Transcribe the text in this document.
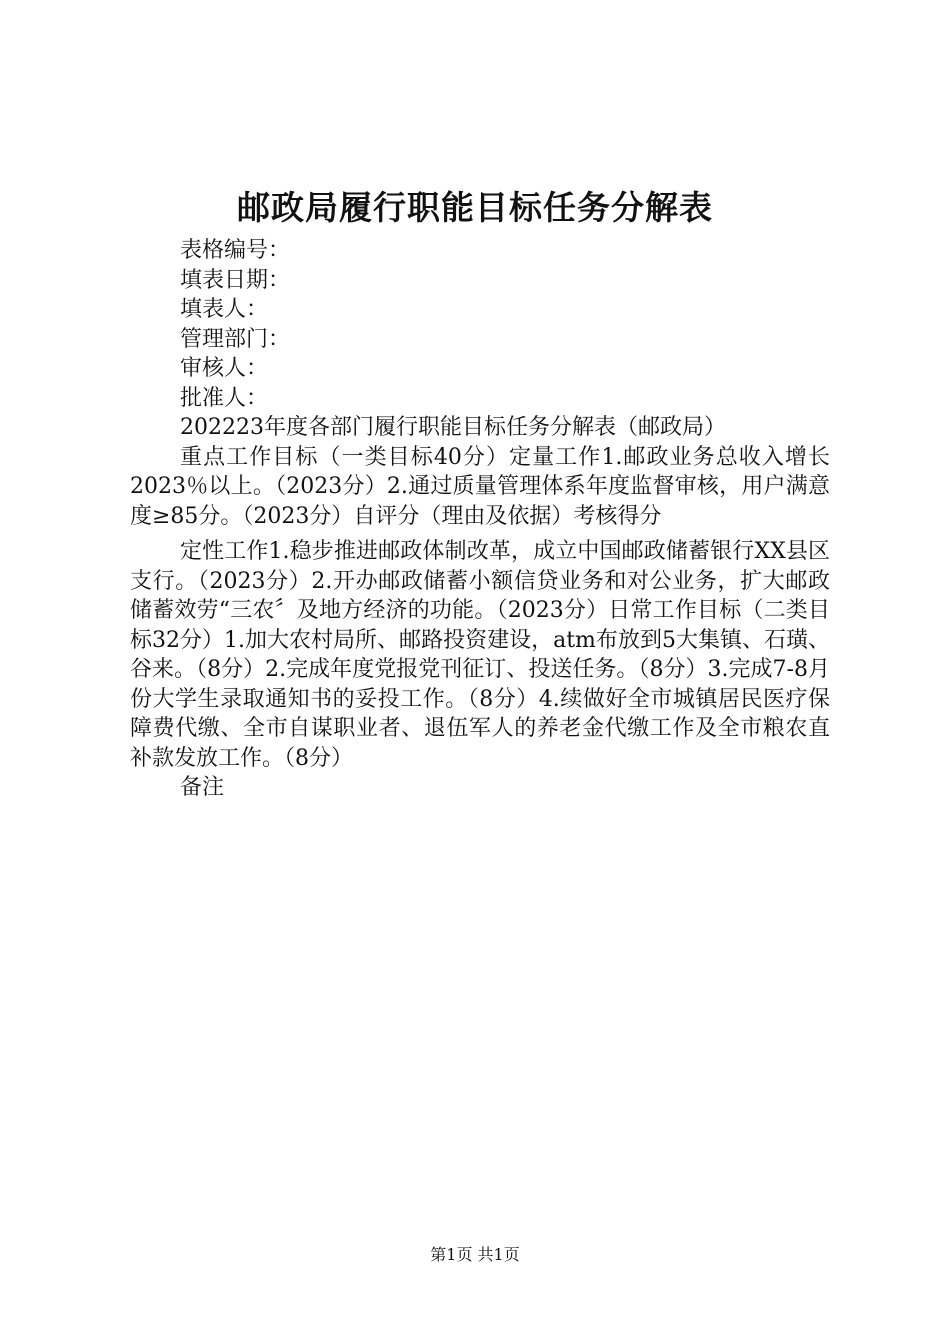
邮政局履行职能目标任务分解表
表格编号：
填表日期：
填表人：
管理部门：
审核人：
批准人：
202223年度各部门履行职能目标任务分解表（邮政局）

重点工作目标（一类目标40分）定量工作1.邮政业务总收入增长2023％以上。（2023分）2.通过质量管理体系年度监督审核，用户满意度≥85分。（2023分）自评分（理由及依据）考核得分

定性工作1.稳步推进邮政体制改革，成立中国邮政储蓄银行XX县区支行。（2023分）2.开办邮政储蓄小额信贷业务和对公业务，扩大邮政储蓄效劳“三农〞及地方经济的功能。（2023分）日常工作目标（二类目标32分）1.加大农村局所、邮路投资建设，atm布放到5大集镇、石璜、谷来。（8分）2.完成年度党报党刊征订、投送任务。（8分）3.完成7-8月份大学生录取通知书的妥投工作。（8分）4.续做好全市城镇居民医疗保障费代缴、全市自谋职业者、退伍军人的养老金代缴工作及全市粮农直补款发放工作。（8分）

备注
第1页 共1页
